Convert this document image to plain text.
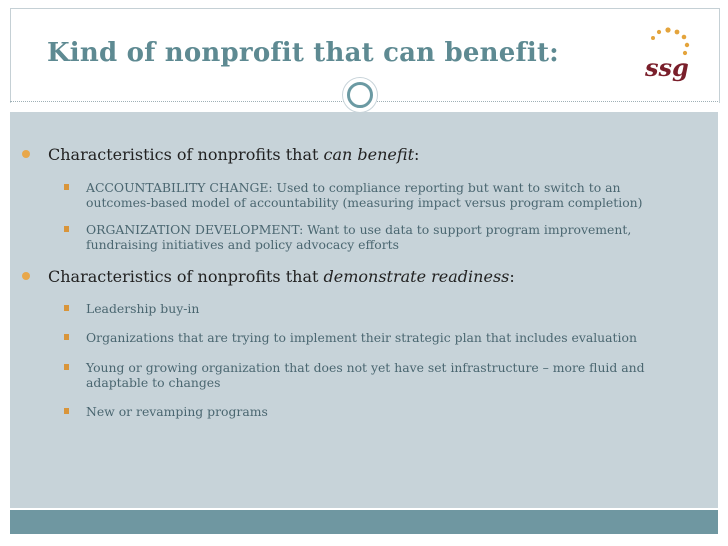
Kind of nonprofit that can benefit:	ssg
Characteristics of nonprofits that can benefit:
ACCOUNTABILITY CHANGE: Used to compliance reporting but want to switch to an outcomes-based model of accountability (measuring impact versus program completion)
ORGANIZATION DEVELOPMENT: Want to use data to support program improvement, fundraising initiatives and policy advocacy efforts
Characteristics of nonprofits that demonstrate readiness:
Leadership buy-in
Organizations that are trying to implement their strategic plan that includes evaluation
Young or growing organization that does not yet have set infrastructure – more fluid and adaptable to changes
New or revamping programs
